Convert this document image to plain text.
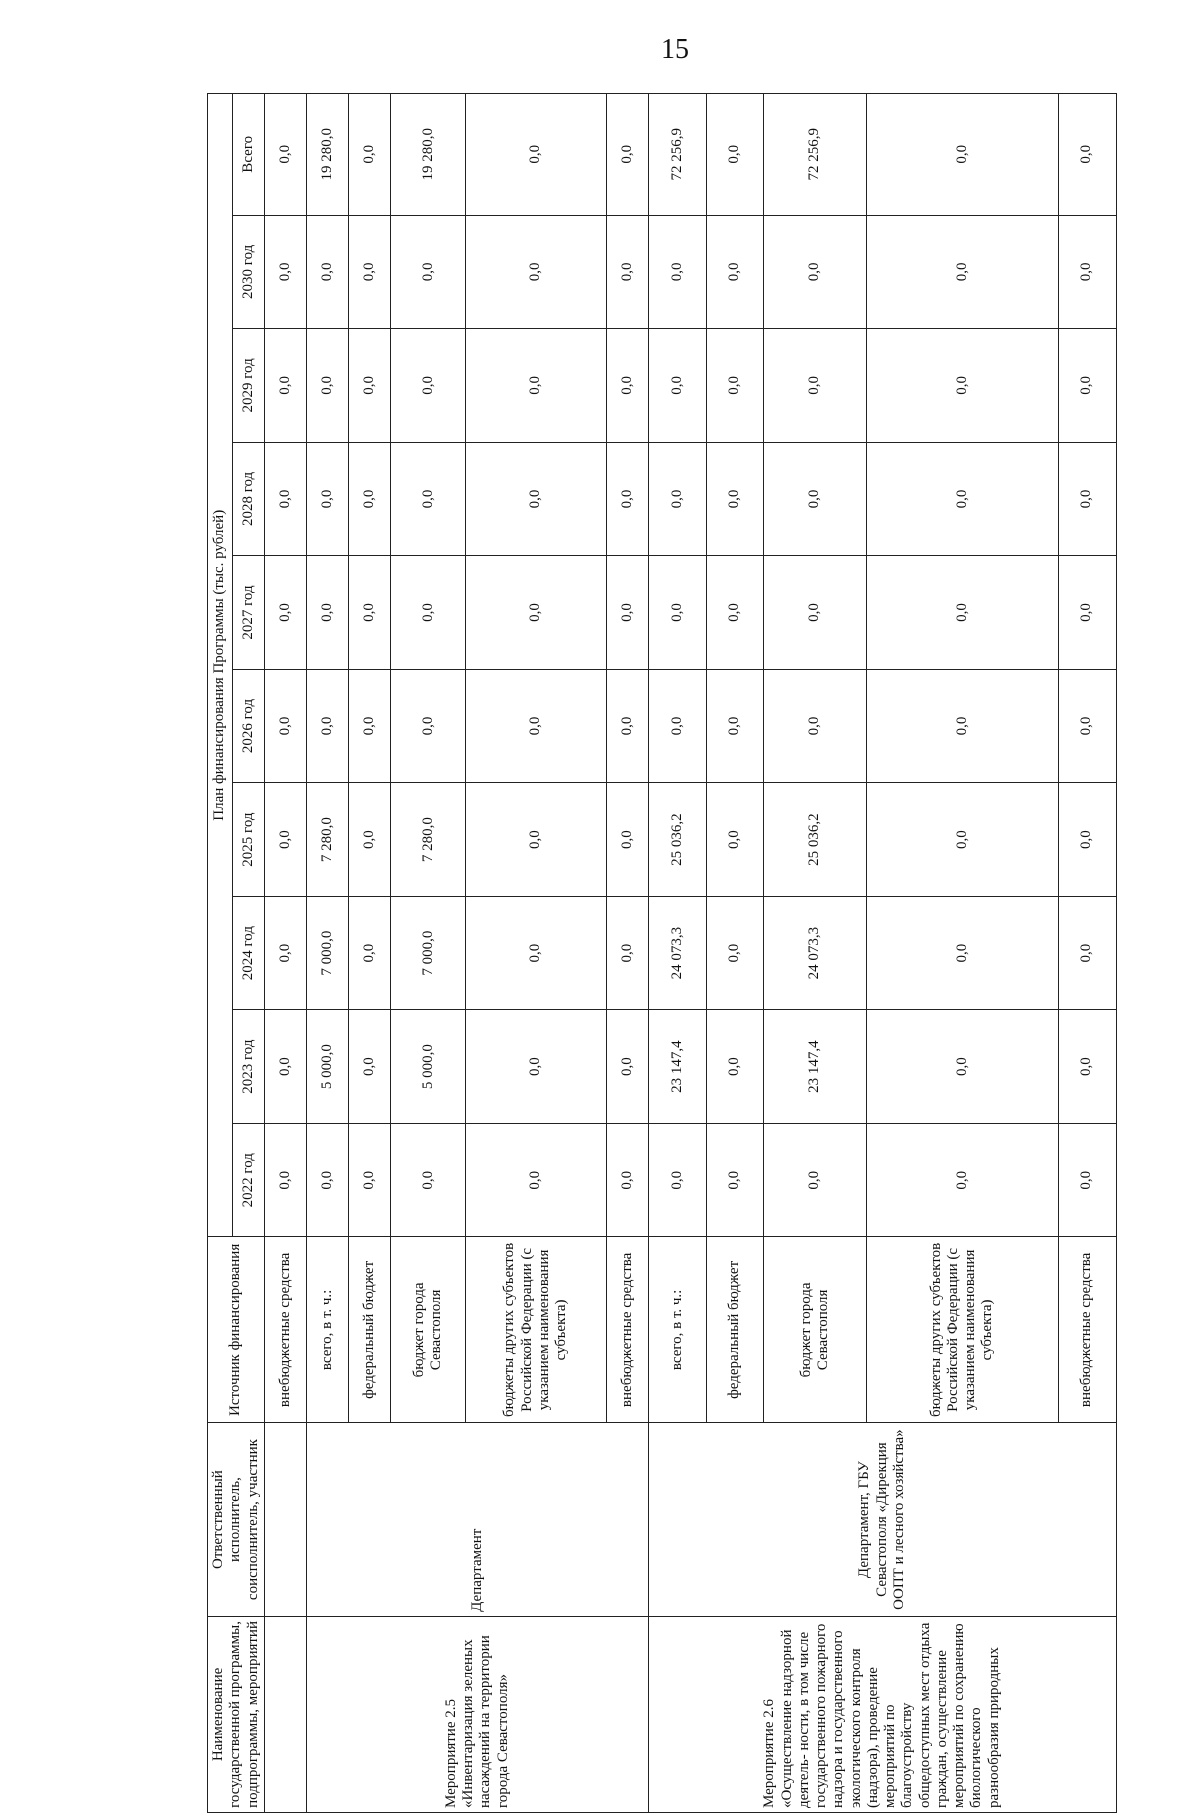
15
Наименование государственной программы, подпрограммы, мероприятий	Ответственный исполнитель, соисполнитель, участник	Источник финансирования	План финансирования Программы (тыс. рублей)									
			2022 год	2023 год	2024 год	2025 год	2026 год	2027 год	2028 год	2029 год	2030 год	Всего
		внебюджетные средства	0,0	0,0	0,0	0,0	0,0	0,0	0,0	0,0	0,0	0,0
Мероприятие 2.5 «Инвентаризация зеленых насаждений на территории города Севастополя»	Департамент	всего, в т. ч.:	0,0	5 000,0	7 000,0	7 280,0	0,0	0,0	0,0	0,0	0,0	19 280,0
		федеральный бюджет	0,0	0,0	0,0	0,0	0,0	0,0	0,0	0,0	0,0	0,0
		бюджет города Севастополя	0,0	5 000,0	7 000,0	7 280,0	0,0	0,0	0,0	0,0	0,0	19 280,0
		бюджеты других субъектов Российской Федерации (с указанием наименования субъекта)	0,0	0,0	0,0	0,0	0,0	0,0	0,0	0,0	0,0	0,0
		внебюджетные средства	0,0	0,0	0,0	0,0	0,0	0,0	0,0	0,0	0,0	0,0
Мероприятие 2.6 «Осуществление надзорной деятель- ности, в том числе государственного пожарного надзора и государственного экологического контроля (надзора), проведение мероприятий по благоустройству общедоступных мест отдыха граждан, осуществление мероприятий по сохранению биологического разнообразия природных	Департамент, ГБУ Севастополя «Дирекция ООПТ и лесного хозяйства»	всего, в т. ч.:	0,0	23 147,4	24 073,3	25 036,2	0,0	0,0	0,0	0,0	0,0	72 256,9
		федеральный бюджет	0,0	0,0	0,0	0,0	0,0	0,0	0,0	0,0	0,0	0,0
		бюджет города Севастополя	0,0	23 147,4	24 073,3	25 036,2	0,0	0,0	0,0	0,0	0,0	72 256,9
		бюджеты других субъектов Российской Федерации (с указанием наименования субъекта)	0,0	0,0	0,0	0,0	0,0	0,0	0,0	0,0	0,0	0,0
		внебюджетные средства	0,0	0,0	0,0	0,0	0,0	0,0	0,0	0,0	0,0	0,0
